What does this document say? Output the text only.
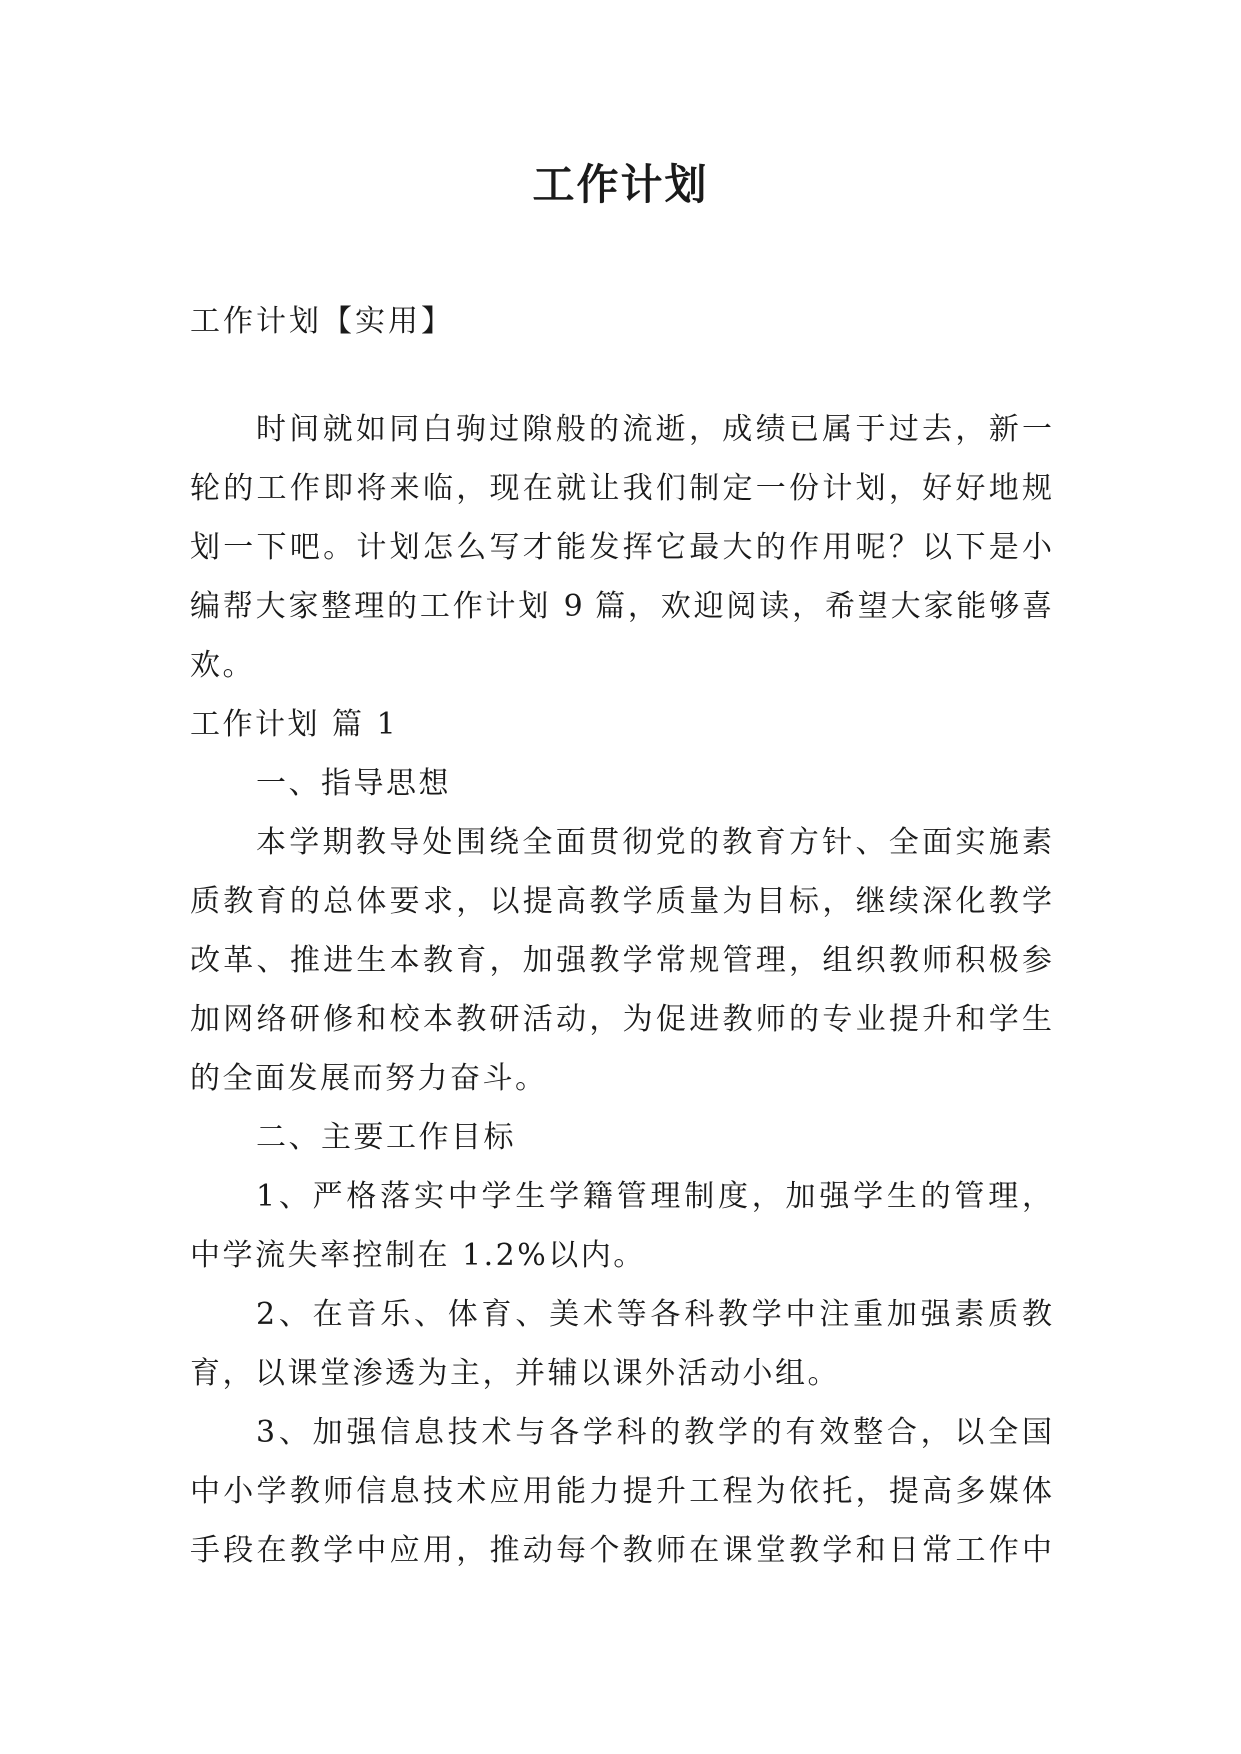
工作计划

工作计划【实用】

时间就如同白驹过隙般的流逝，成绩已属于过去，新一

轮的工作即将来临，现在就让我们制定一份计划，好好地规

划一下吧。计划怎么写才能发挥它最大的作用呢？以下是小

编帮大家整理的工作计划 9 篇，欢迎阅读，希望大家能够喜

欢。

工作计划 篇 1

一、指导思想

本学期教导处围绕全面贯彻党的教育方针、全面实施素

质教育的总体要求，以提高教学质量为目标，继续深化教学

改革、推进生本教育，加强教学常规管理，组织教师积极参

加网络研修和校本教研活动，为促进教师的专业提升和学生

的全面发展而努力奋斗。

二、主要工作目标

1、严格落实中学生学籍管理制度，加强学生的管理，

中学流失率控制在 1.2%以内。

2、在音乐、体育、美术等各科教学中注重加强素质教

育，以课堂渗透为主，并辅以课外活动小组。

3、加强信息技术与各学科的教学的有效整合，以全国

中小学教师信息技术应用能力提升工程为依托，提高多媒体

手段在教学中应用，推动每个教师在课堂教学和日常工作中
